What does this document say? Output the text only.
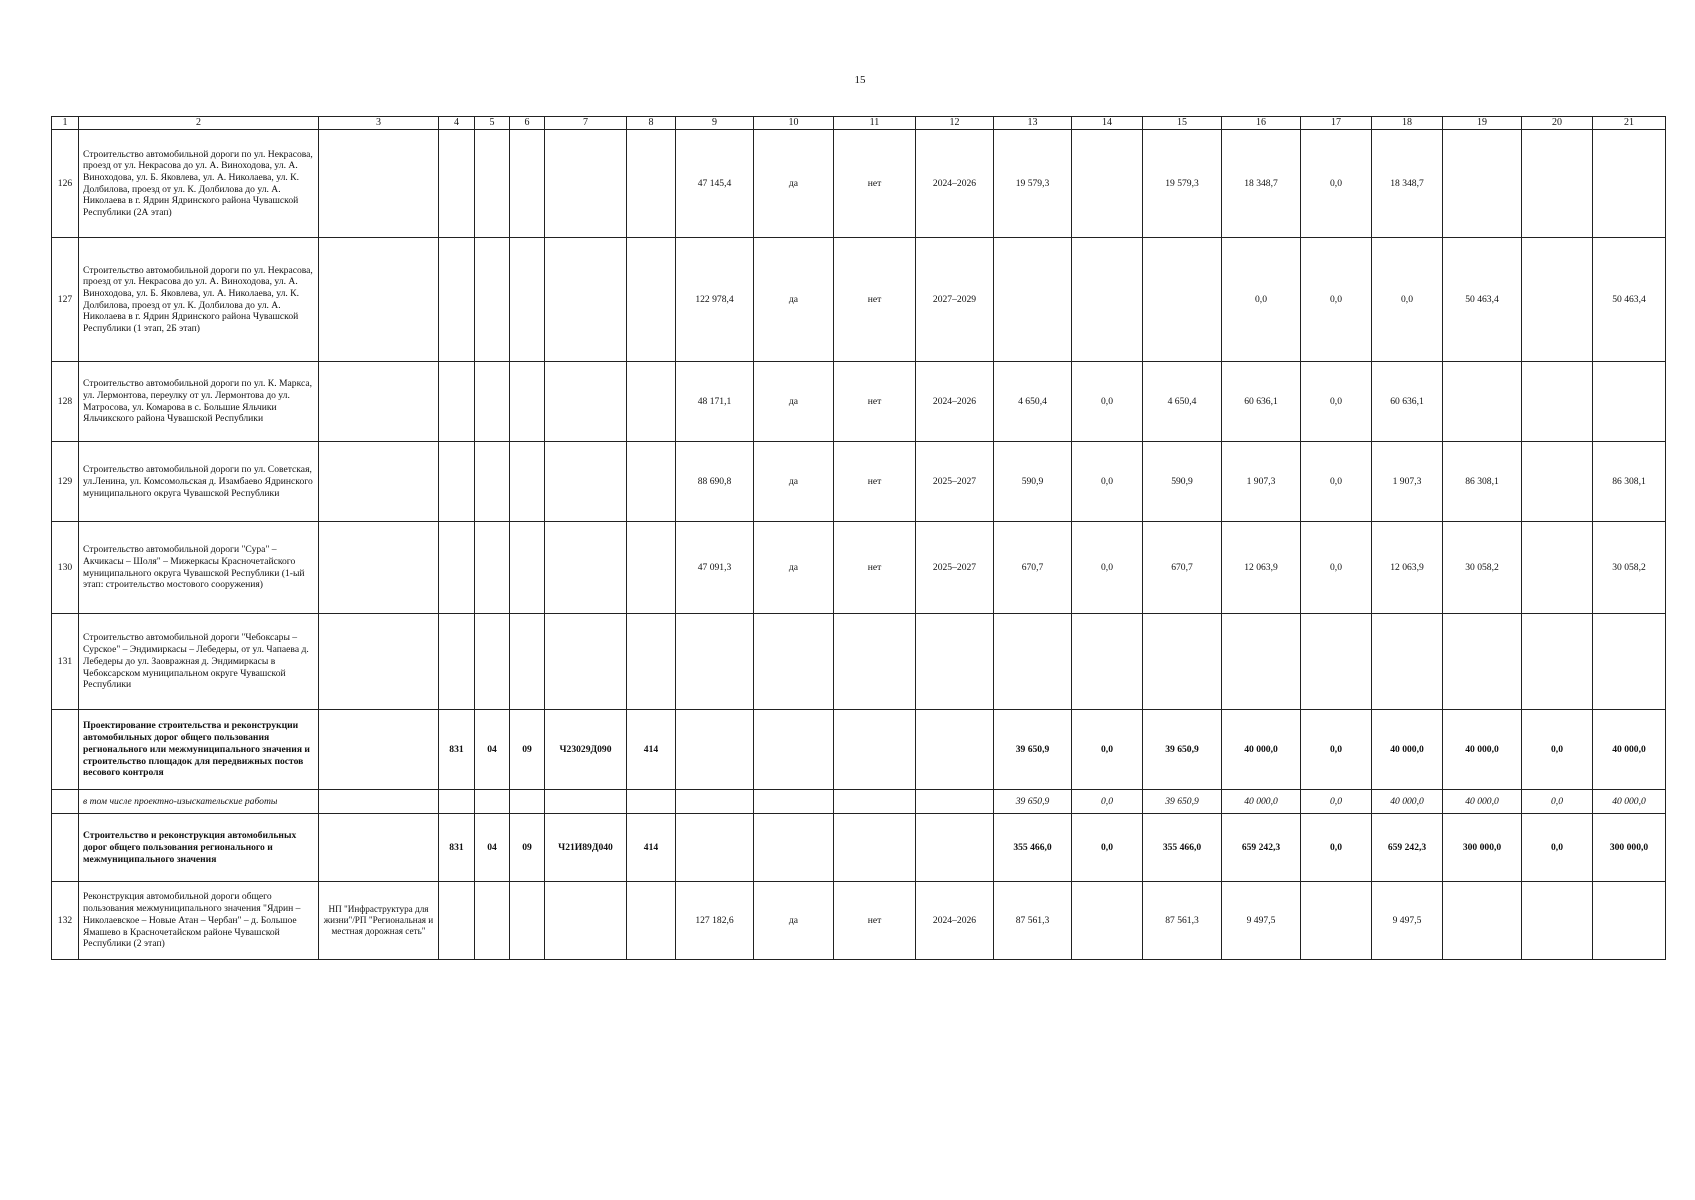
15
1	2	3	4	5	6	7	8	9	10	11	12	13	14	15	16	17	18	19	20	21
126	Строительство автомобильной дороги по ул. Некрасова, проезд от ул. Некрасова до ул. А. Виноходова, ул. А. Виноходова, ул. Б. Яковлева, ул. А. Николаева, ул. К. Долбилова, проезд от ул. К. Долбилова до ул. А. Николаева в г. Ядрин Ядринского района Чувашской Республики (2А этап)							47 145,4	да	нет	2024–2026	19 579,3		19 579,3	18 348,7	0,0	18 348,7			
127	Строительство автомобильной дороги по ул. Некрасова, проезд от ул. Некрасова до ул. А. Виноходова, ул. А. Виноходова, ул. Б. Яковлева, ул. А. Николаева, ул. К. Долбилова, проезд от ул. К. Долбилова до ул. А. Николаева в г. Ядрин Ядринского района Чувашской Республики (1 этап, 2Б этап)							122 978,4	да	нет	2027–2029				0,0	0,0	0,0	50 463,4		50 463,4
128	Строительство автомобильной дороги по ул. К. Маркса, ул. Лермонтова, переулку от ул. Лермонтова до ул. Матросова, ул. Комарова в с. Большие Яльчики Яльчикского района Чувашской Республики							48 171,1	да	нет	2024–2026	4 650,4	0,0	4 650,4	60 636,1	0,0	60 636,1			
129	Строительство автомобильной дороги по ул. Советская, ул.Ленина, ул. Комсомольская д. Изамбаево Ядринского муниципального округа Чувашской Республики							88 690,8	да	нет	2025–2027	590,9	0,0	590,9	1 907,3	0,0	1 907,3	86 308,1		86 308,1
130	Строительство автомобильной дороги "Сура" – Акчикасы – Шоля" – Мижеркасы Красночетайского муниципального округа Чувашской Республики (1-ый этап: строительство мостового сооружения)							47 091,3	да	нет	2025–2027	670,7	0,0	670,7	12 063,9	0,0	12 063,9	30 058,2		30 058,2
131	Строительство автомобильной дороги "Чебоксары – Сурское" – Эндимиркасы – Лебедеры, от ул. Чапаева д. Лебедеры до ул. Заовражная д. Эндимиркасы в Чебоксарском муниципальном округе Чувашской Республики																			
	Проектирование строительства и реконструкции автомобильных дорог общего пользования регионального или межмуниципального значения и строительство площадок для передвижных постов весового контроля		831	04	09	Ч23029Д090	414					39 650,9	0,0	39 650,9	40 000,0	0,0	40 000,0	40 000,0	0,0	40 000,0
	в том числе проектно-изыскательские работы											39 650,9	0,0	39 650,9	40 000,0	0,0	40 000,0	40 000,0	0,0	40 000,0
	Строительство и реконструкция автомобильных дорог общего пользования регионального и межмуниципального значения		831	04	09	Ч21И89Д040	414					355 466,0	0,0	355 466,0	659 242,3	0,0	659 242,3	300 000,0	0,0	300 000,0
132	Реконструкция автомобильной дороги общего пользования межмуниципального значения "Ядрин – Николаевское – Новые Атан – Чербан" – д. Большое Ямашево в Красночетайском районе Чувашской Республики (2 этап)	НП "Инфраструктура для жизни"/РП "Региональная и местная дорожная сеть"						127 182,6	да	нет	2024–2026	87 561,3		87 561,3	9 497,5		9 497,5			
